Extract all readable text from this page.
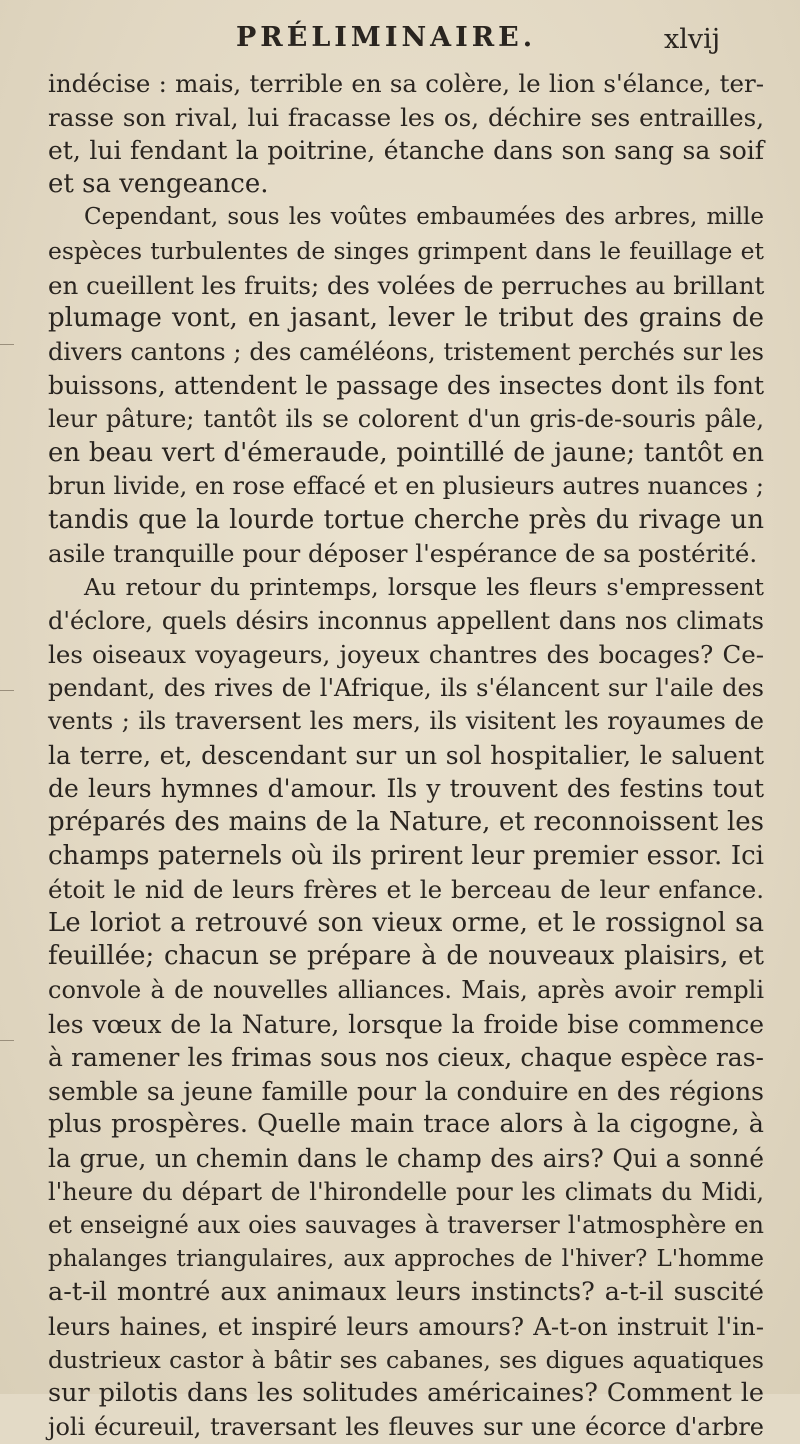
PRÉLIMINAIRE.	xlvij
indécise : mais, terrible en sa colère, le lion s'élance, ter-
rasse son rival, lui fracasse les os, déchire ses entrailles,
et, lui fendant la poitrine, étanche dans son sang sa soif
et sa vengeance.
Cependant, sous les voûtes embaumées des arbres, mille
espèces turbulentes de singes grimpent dans le feuillage et
en cueillent les fruits; des volées de perruches au brillant
plumage vont, en jasant, lever le tribut des grains de
divers cantons ; des caméléons, tristement perchés sur les
buissons, attendent le passage des insectes dont ils font
leur pâture; tantôt ils se colorent d'un gris-de-souris pâle,
en beau vert d'émeraude, pointillé de jaune; tantôt en
brun livide, en rose effacé et en plusieurs autres nuances ;
tandis que la lourde tortue cherche près du rivage un
asile tranquille pour déposer l'espérance de sa postérité.
Au retour du printemps, lorsque les fleurs s'empressent
d'éclore, quels désirs inconnus appellent dans nos climats
les oiseaux voyageurs, joyeux chantres des bocages? Ce-
pendant, des rives de l'Afrique, ils s'élancent sur l'aile des
vents ; ils traversent les mers, ils visitent les royaumes de
la terre, et, descendant sur un sol hospitalier, le saluent
de leurs hymnes d'amour. Ils y trouvent des festins tout
préparés des mains de la Nature, et reconnoissent les
champs paternels où ils prirent leur premier essor. Ici
étoit le nid de leurs frères et le berceau de leur enfance.
Le loriot a retrouvé son vieux orme, et le rossignol sa
feuillée; chacun se prépare à de nouveaux plaisirs, et
convole à de nouvelles alliances. Mais, après avoir rempli
les vœux de la Nature, lorsque la froide bise commence
à ramener les frimas sous nos cieux, chaque espèce ras-
semble sa jeune famille pour la conduire en des régions
plus prospères. Quelle main trace alors à la cigogne, à
la grue, un chemin dans le champ des airs? Qui a sonné
l'heure du départ de l'hirondelle pour les climats du Midi,
et enseigné aux oies sauvages à traverser l'atmosphère en
phalanges triangulaires, aux approches de l'hiver? L'homme
a-t-il montré aux animaux leurs instincts? a-t-il suscité
leurs haines, et inspiré leurs amours? A-t-on instruit l'in-
dustrieux castor à bâtir ses cabanes, ses digues aquatiques
sur pilotis dans les solitudes américaines? Comment le
joli écureuil, traversant les fleuves sur une écorce d'arbre
